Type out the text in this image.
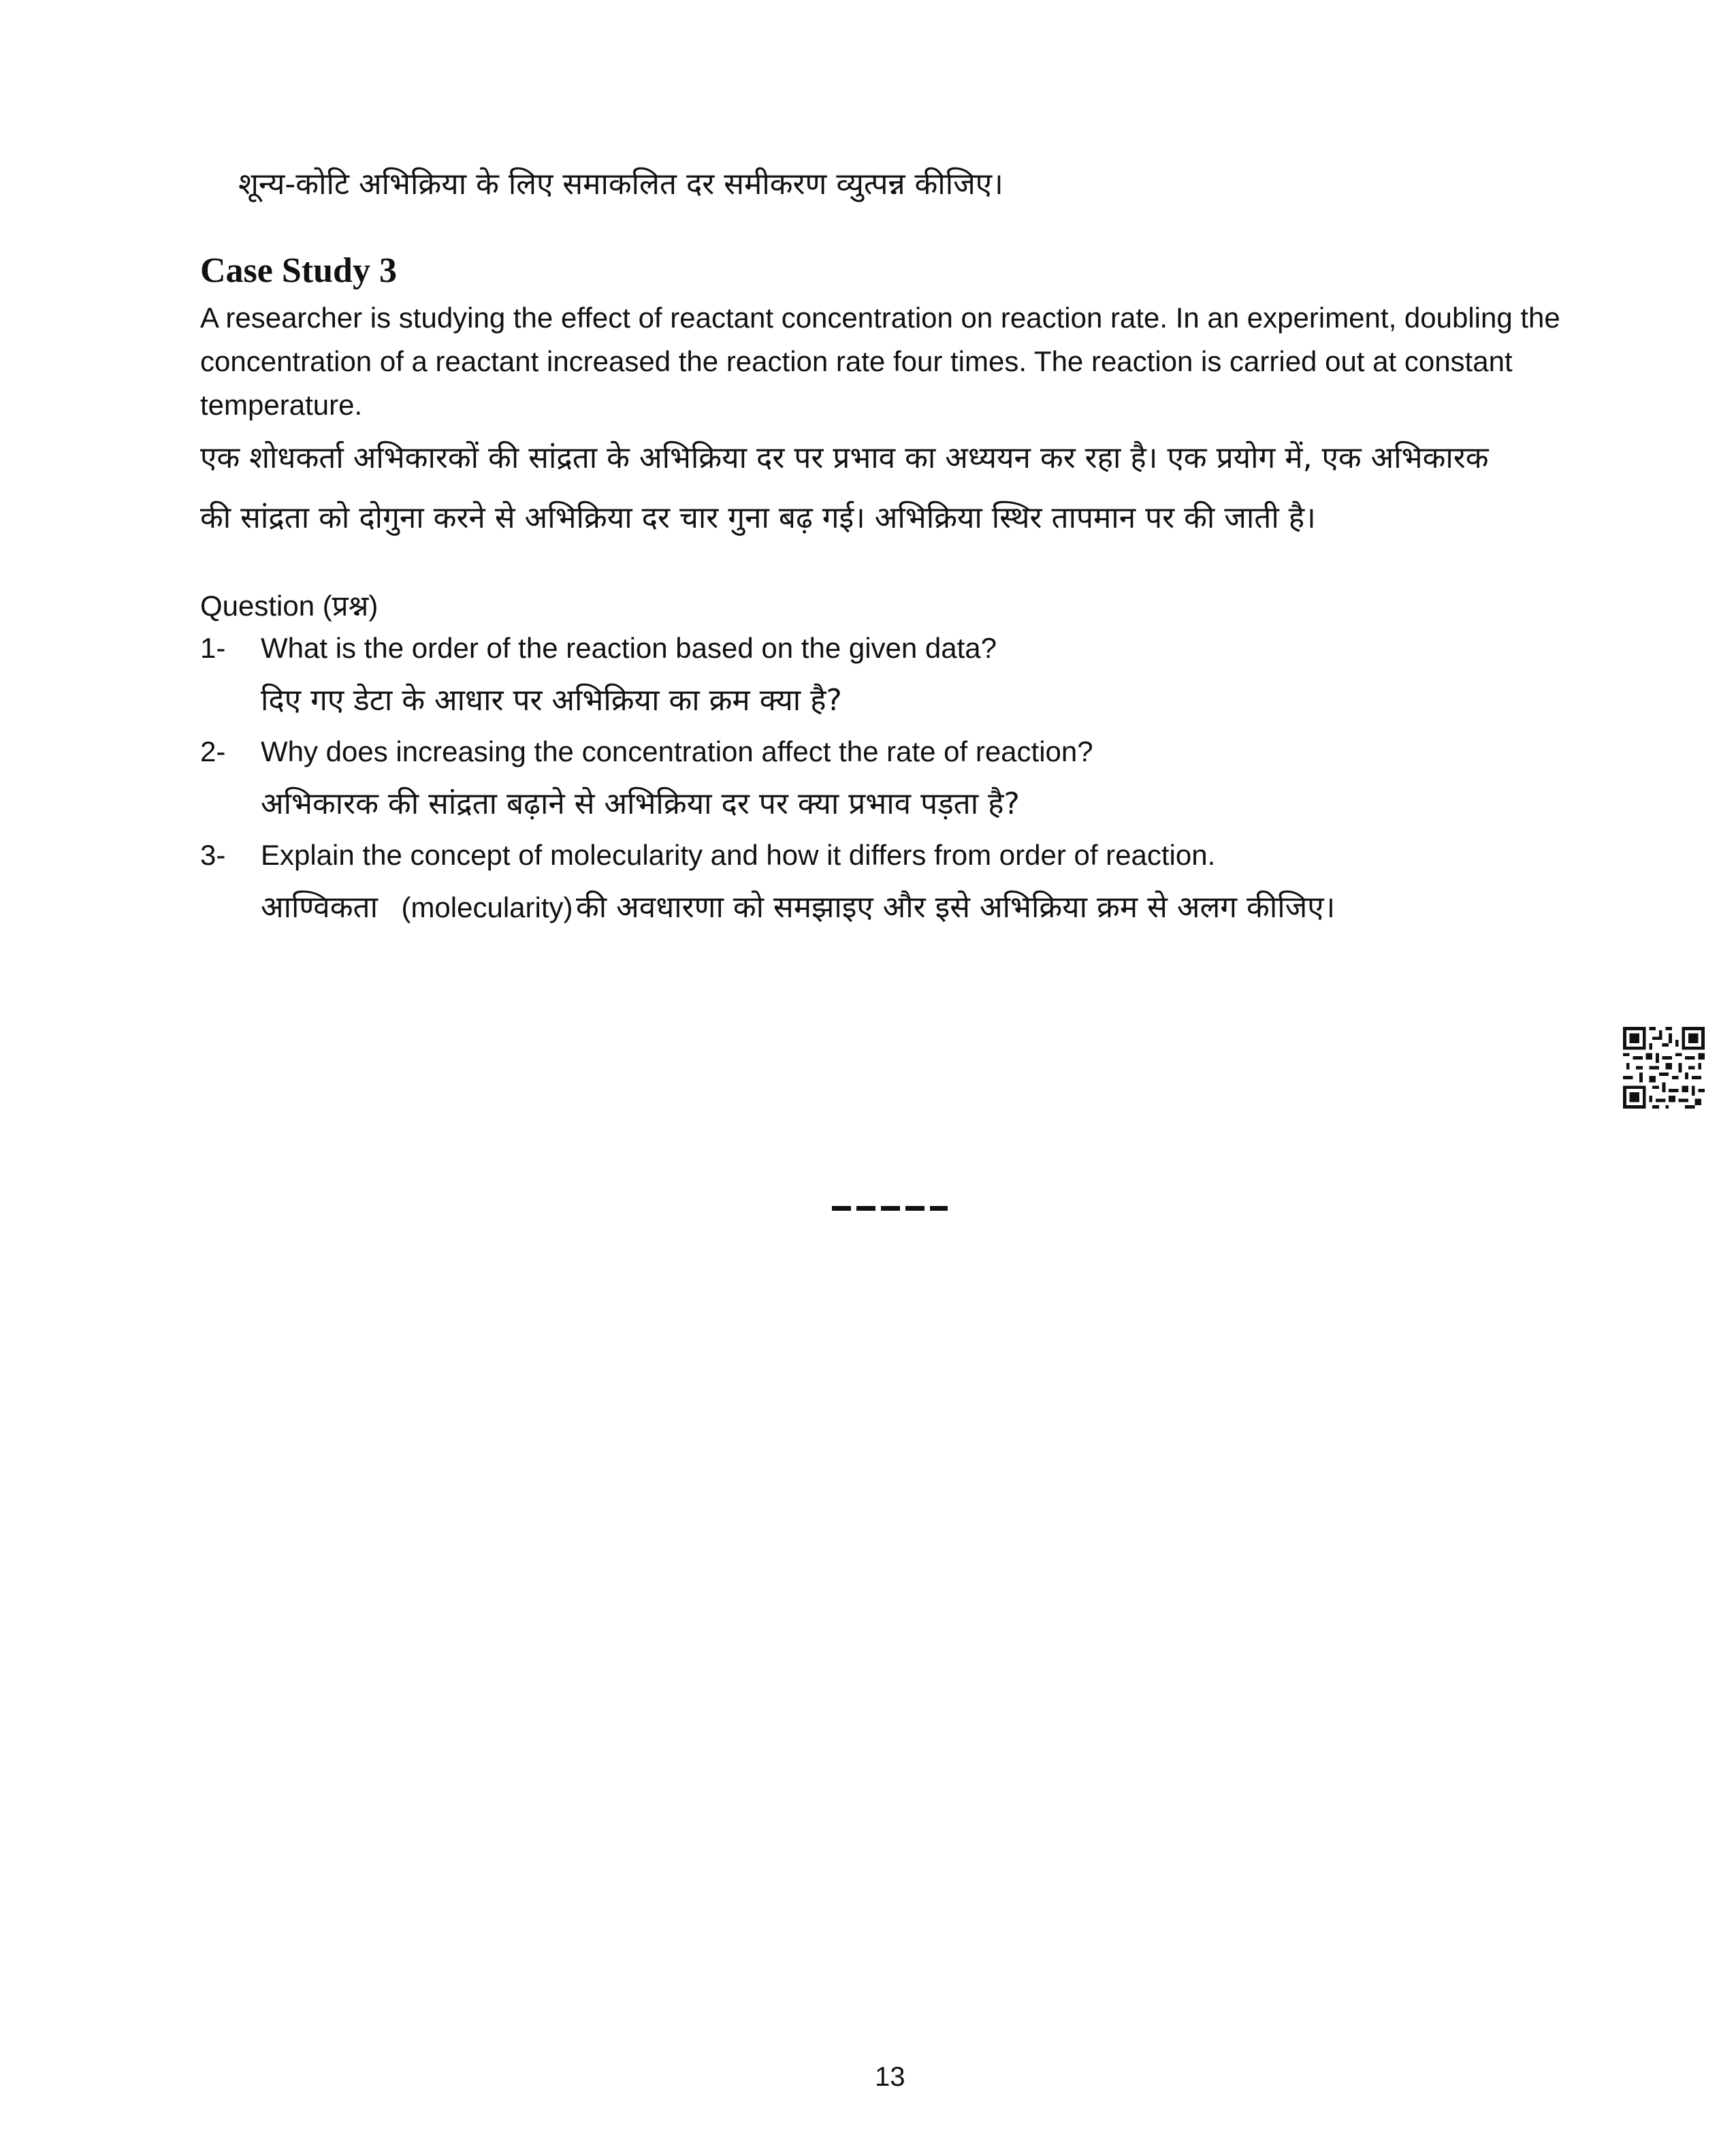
शून्य-कोटि अभिक्रिया के लिए समाकलित दर समीकरण व्युत्पन्न कीजिए।
Case Study 3
A researcher is studying the effect of reactant concentration on reaction rate. In an experiment, doubling the
concentration of a reactant increased the reaction rate four times. The reaction is carried out at constant
temperature.
एक शोधकर्ता अभिकारकों की सांद्रता के अभिक्रिया दर पर प्रभाव का अध्ययन कर रहा है। एक प्रयोग में, एक अभिकारक
की सांद्रता को दोगुना करने से अभिक्रिया दर चार गुना बढ़ गई। अभिक्रिया स्थिर तापमान पर की जाती है।
Question (प्रश्न)
1- What is the order of the reaction based on the given data?
दिए गए डेटा के आधार पर अभिक्रिया का क्रम क्या है?
2- Why does increasing the concentration affect the rate of reaction?
अभिकारक की सांद्रता बढ़ाने से अभिक्रिया दर पर क्या प्रभाव पड़ता है?
3- Explain the concept of molecularity and how it differs from order of reaction.
आण्विकता (molecularity) की अवधारणा को समझाइए और इसे अभिक्रिया क्रम से अलग कीजिए।
13
